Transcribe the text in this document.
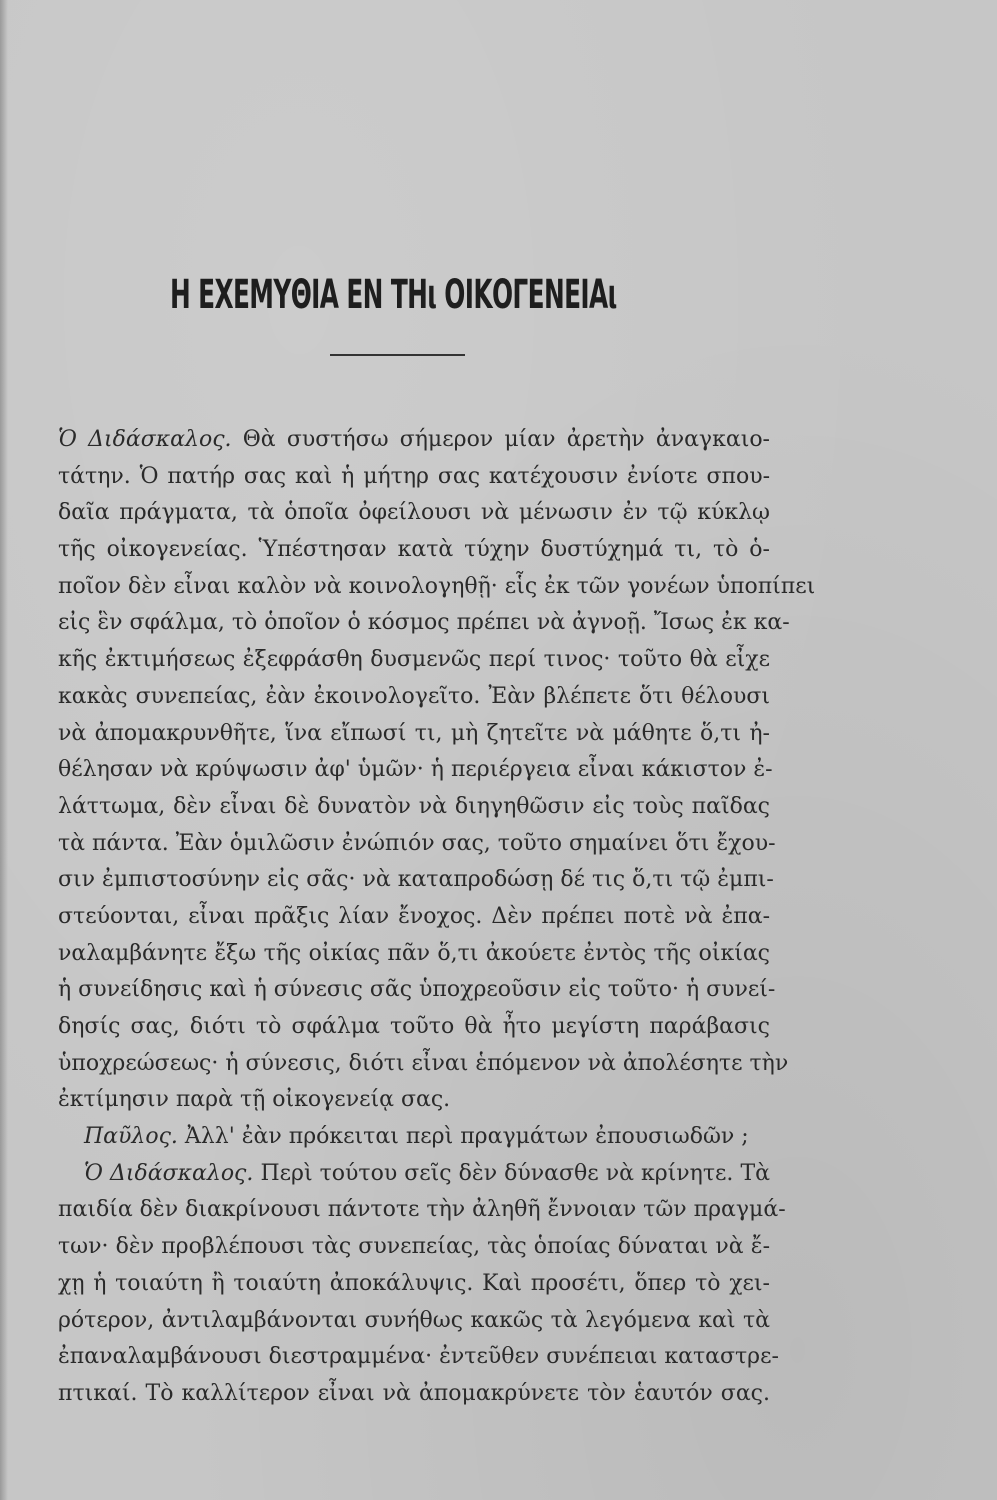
Η ΕΧΕΜΥΘΙΑ ΕΝ ΤΗι ΟΙΚΟΓΕΝΕΙΑι
Ὁ Διδάσκαλος. Θὰ συστήσω σήμερον μίαν ἀρετὴν ἀναγκαιο-
τάτην. Ὁ πατήρ σας καὶ ἡ μήτηρ σας κατέχουσιν ἐνίοτε σπου-
δαῖα πράγματα, τὰ ὁποῖα ὀφείλουσι νὰ μένωσιν ἐν τῷ κύκλῳ
τῆς οἰκογενείας. Ὑπέστησαν κατὰ τύχην δυστύχημά τι, τὸ ὁ-
ποῖον δὲν εἶναι καλὸν νὰ κοινολογηθῇ· εἷς ἐκ τῶν γονέων ὑποπίπει
εἰς ἓν σφάλμα, τὸ ὁποῖον ὁ κόσμος πρέπει νὰ ἀγνοῇ. Ἴσως ἐκ κα-
κῆς ἐκτιμήσεως ἐξεφράσθη δυσμενῶς περί τινος· τοῦτο θὰ εἶχε
κακὰς συνεπείας, ἐὰν ἐκοινολογεῖτο. Ἐὰν βλέπετε ὅτι θέλουσι
νὰ ἀπομακρυνθῆτε, ἵνα εἴπωσί τι, μὴ ζητεῖτε νὰ μάθητε ὅ,τι ἠ-
θέλησαν νὰ κρύψωσιν ἀφ' ὑμῶν· ἡ περιέργεια εἶναι κάκιστον ἐ-
λάττωμα, δὲν εἶναι δὲ δυνατὸν νὰ διηγηθῶσιν εἰς τοὺς παῖδας
τὰ πάντα. Ἐὰν ὁμιλῶσιν ἐνώπιόν σας, τοῦτο σημαίνει ὅτι ἔχου-
σιν ἐμπιστοσύνην εἰς σᾶς· νὰ καταπροδώσῃ δέ τις ὅ,τι τῷ ἐμπι-
στεύονται, εἶναι πρᾶξις λίαν ἔνοχος. Δὲν πρέπει ποτὲ νὰ ἐπα-
ναλαμβάνητε ἔξω τῆς οἰκίας πᾶν ὅ,τι ἀκούετε ἐντὸς τῆς οἰκίας
ἡ συνείδησις καὶ ἡ σύνεσις σᾶς ὑποχρεοῦσιν εἰς τοῦτο· ἡ συνεί-
δησίς σας, διότι τὸ σφάλμα τοῦτο θὰ ἦτο μεγίστη παράβασις
ὑποχρεώσεως· ἡ σύνεσις, διότι εἶναι ἑπόμενον νὰ ἀπολέσητε τὴν
ἐκτίμησιν παρὰ τῇ οἰκογενείᾳ σας.
Παῦλος. Ἀλλ' ἐὰν πρόκειται περὶ πραγμάτων ἐπουσιωδῶν ;
Ὁ Διδάσκαλος. Περὶ τούτου σεῖς δὲν δύνασθε νὰ κρίνητε. Τὰ
παιδία δὲν διακρίνουσι πάντοτε τὴν ἀληθῆ ἔννοιαν τῶν πραγμά-
των· δὲν προβλέπουσι τὰς συνεπείας, τὰς ὁποίας δύναται νὰ ἔ-
χῃ ἡ τοιαύτη ἢ τοιαύτη ἀποκάλυψις. Καὶ προσέτι, ὅπερ τὸ χει-
ρότερον, ἀντιλαμβάνονται συνήθως κακῶς τὰ λεγόμενα καὶ τὰ
ἐπαναλαμβάνουσι διεστραμμένα· ἐντεῦθεν συνέπειαι καταστρε-
πτικαί. Τὸ καλλίτερον εἶναι νὰ ἀπομακρύνετε τὸν ἑαυτόν σας.
